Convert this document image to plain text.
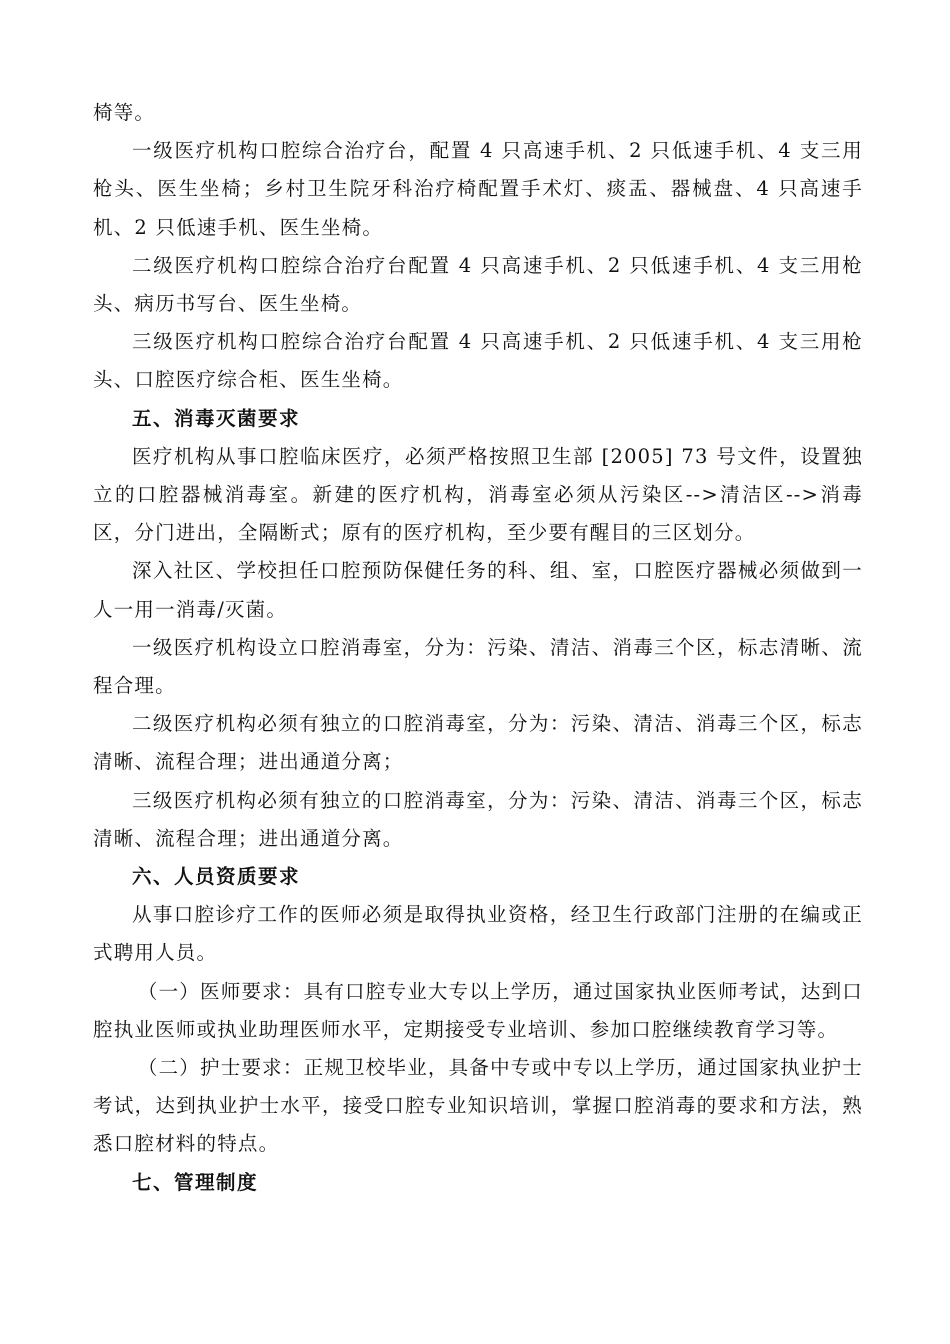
椅等。

一级医疗机构口腔综合治疗台，配置 4 只高速手机、2 只低速手机、4 支三用枪头、医生坐椅；乡村卫生院牙科治疗椅配置手术灯、痰盂、器械盘、4 只高速手机、2 只低速手机、医生坐椅。

二级医疗机构口腔综合治疗台配置 4 只高速手机、2 只低速手机、4 支三用枪头、病历书写台、医生坐椅。

三级医疗机构口腔综合治疗台配置 4 只高速手机、2 只低速手机、4 支三用枪头、口腔医疗综合柜、医生坐椅。

五、消毒灭菌要求

医疗机构从事口腔临床医疗，必须严格按照卫生部 [2005] 73 号文件，设置独立的口腔器械消毒室。新建的医疗机构，消毒室必须从污染区-->清洁区-->消毒区，分门进出，全隔断式；原有的医疗机构，至少要有醒目的三区划分。

深入社区、学校担任口腔预防保健任务的科、组、室，口腔医疗器械必须做到一人一用一消毒/灭菌。

一级医疗机构设立口腔消毒室，分为：污染、清洁、消毒三个区，标志清晰、流程合理。

二级医疗机构必须有独立的口腔消毒室，分为：污染、清洁、消毒三个区，标志清晰、流程合理；进出通道分离；

三级医疗机构必须有独立的口腔消毒室，分为：污染、清洁、消毒三个区，标志清晰、流程合理；进出通道分离。

六、人员资质要求

从事口腔诊疗工作的医师必须是取得执业资格，经卫生行政部门注册的在编或正式聘用人员。

（一）医师要求：具有口腔专业大专以上学历，通过国家执业医师考试，达到口腔执业医师或执业助理医师水平，定期接受专业培训、参加口腔继续教育学习等。

（二）护士要求：正规卫校毕业，具备中专或中专以上学历，通过国家执业护士考试，达到执业护士水平，接受口腔专业知识培训，掌握口腔消毒的要求和方法，熟悉口腔材料的特点。

七、管理制度
